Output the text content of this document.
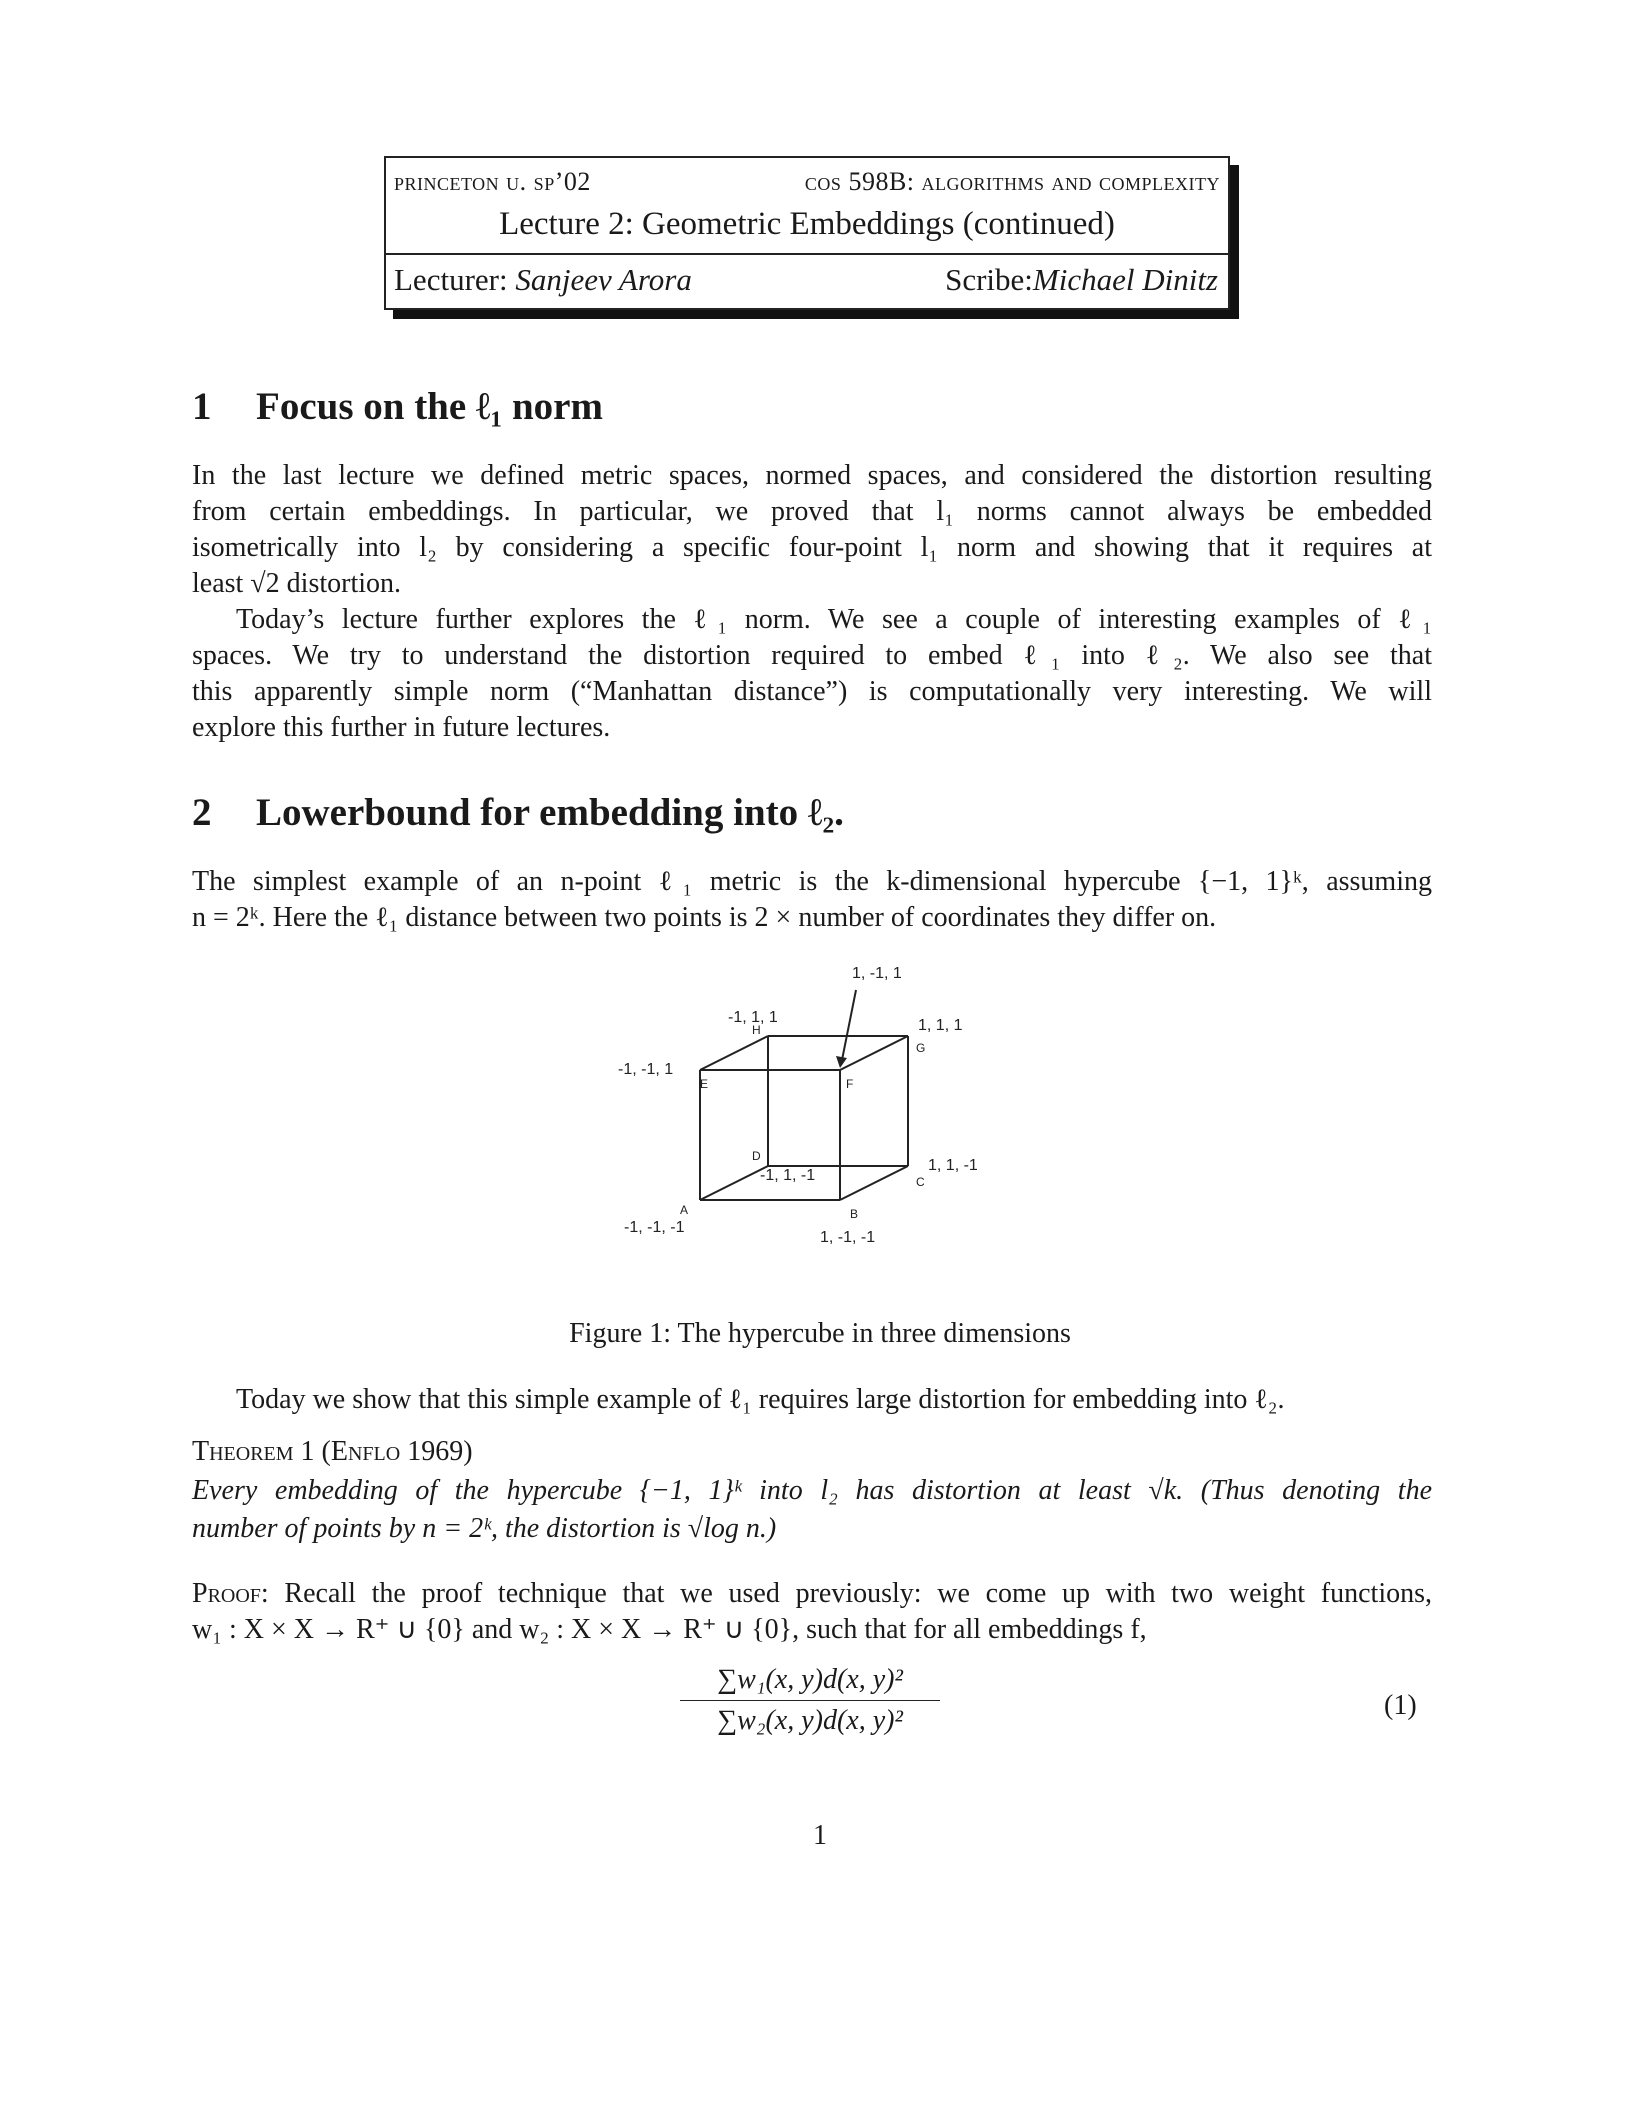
princeton u. sp’02	cos 598B: algorithms and complexity
Lecture 2: Geometric Embeddings (continued)
Lecturer: Sanjeev Arora	Scribe:Michael Dinitz
1 Focus on the ℓ₁ norm
In the last lecture we defined metric spaces, normed spaces, and considered the distortion resulting
from certain embeddings. In particular, we proved that l₁ norms cannot always be embedded
isometrically into l₂ by considering a specific four-point l₁ norm and showing that it requires at
least √2 distortion.
Today’s lecture further explores the ℓ₁ norm. We see a couple of interesting examples of ℓ₁
spaces. We try to understand the distortion required to embed ℓ₁ into ℓ₂. We also see that
this apparently simple norm (“Manhattan distance”) is computationally very interesting. We will
explore this further in future lectures.
2 Lowerbound for embedding into ℓ₂.
The simplest example of an n-point ℓ₁ metric is the k-dimensional hypercube {−1, 1}ᵏ, assuming
n = 2ᵏ. Here the ℓ₁ distance between two points is 2 × number of coordinates they differ on.
E	F
G
H
D
C
A	B
1, -1, 1
1, 1, 1
-1, 1, 1
-1, -1, 1
-1, 1, -1
1, 1, -1
-1, -1, -1
1, -1, -1
Figure 1: The hypercube in three dimensions
Today we show that this simple example of ℓ₁ requires large distortion for embedding into ℓ₂.
Theorem 1 (Enflo 1969)
Every embedding of the hypercube {−1, 1}ᵏ into l₂ has distortion at least √k. (Thus denoting the
number of points by n = 2ᵏ, the distortion is √log n.)
Proof: Recall the proof technique that we used previously: we come up with two weight functions,
w₁ : X × X → R⁺ ∪ {0} and w₂ : X × X → R⁺ ∪ {0}, such that for all embeddings f,
∑w₁(x, y)d(x, y)²
∑w₂(x, y)d(x, y)²	(1)
1
